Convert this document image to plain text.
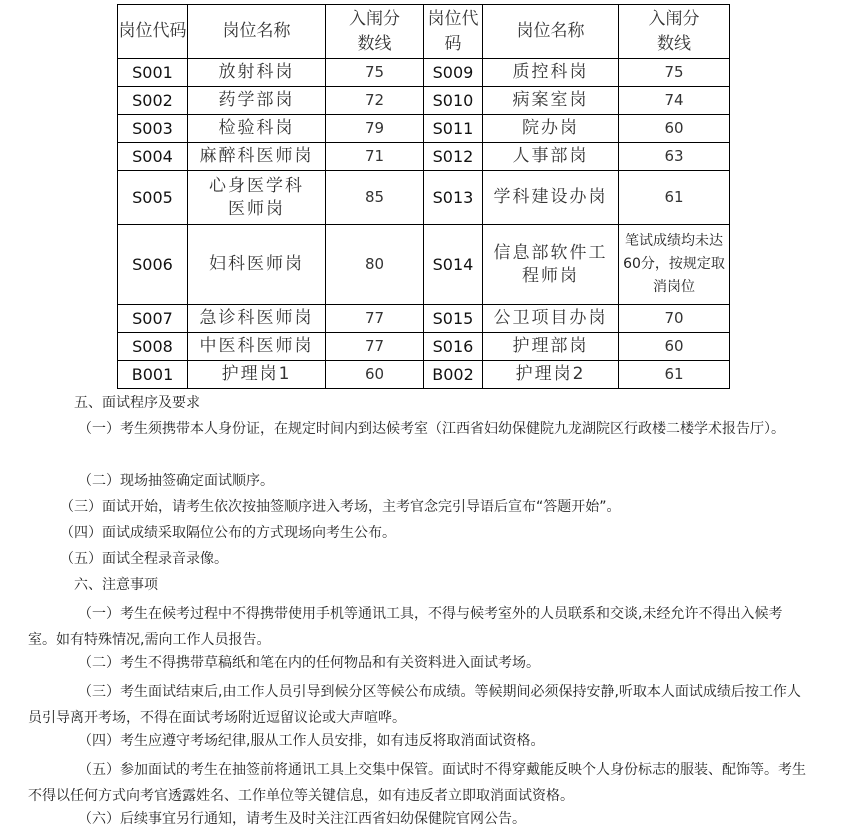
岗位代码	岗位名称	入闱分数线	岗位代码	岗位名称	入闱分数线
S001	放射科岗	75	S009	质控科岗	75
S002	药学部岗	72	S010	病案室岗	74
S003	检验科岗	79	S011	院办岗	60
S004	麻醉科医师岗	71	S012	人事部岗	63
S005	心身医学科医师岗	85	S013	学科建设办岗	61
S006	妇科医师岗	80	S014	信息部软件工程师岗	笔试成绩均未达60分，按规定取消岗位
S007	急诊科医师岗	77	S015	公卫项目办岗	70
S008	中医科医师岗	77	S016	护理部岗	60
B001	护理岗1	60	B002	护理岗2	61
五、面试程序及要求
（一）考生须携带本人身份证，在规定时间内到达候考室（江西省妇幼保健院九龙湖院区行政楼二楼学术报告厅）。
（二）现场抽签确定面试顺序。
（三）面试开始，请考生依次按抽签顺序进入考场，主考官念完引导语后宣布“答题开始”。
（四）面试成绩采取隔位公布的方式现场向考生公布。
（五）面试全程录音录像。
六、注意事项
（一）考生在候考过程中不得携带使用手机等通讯工具，不得与候考室外的人员联系和交谈,未经允许不得出入候考室。如有特殊情况,需向工作人员报告。
（二）考生不得携带草稿纸和笔在内的任何物品和有关资料进入面试考场。
（三）考生面试结束后,由工作人员引导到候分区等候公布成绩。等候期间必须保持安静,听取本人面试成绩后按工作人员引导离开考场，不得在面试考场附近逗留议论或大声喧哗。
（四）考生应遵守考场纪律,服从工作人员安排，如有违反将取消面试资格。
（五）参加面试的考生在抽签前将通讯工具上交集中保管。面试时不得穿戴能反映个人身份标志的服装、配饰等。考生不得以任何方式向考官透露姓名、工作单位等关键信息，如有违反者立即取消面试资格。
（六）后续事宜另行通知，请考生及时关注江西省妇幼保健院官网公告。
